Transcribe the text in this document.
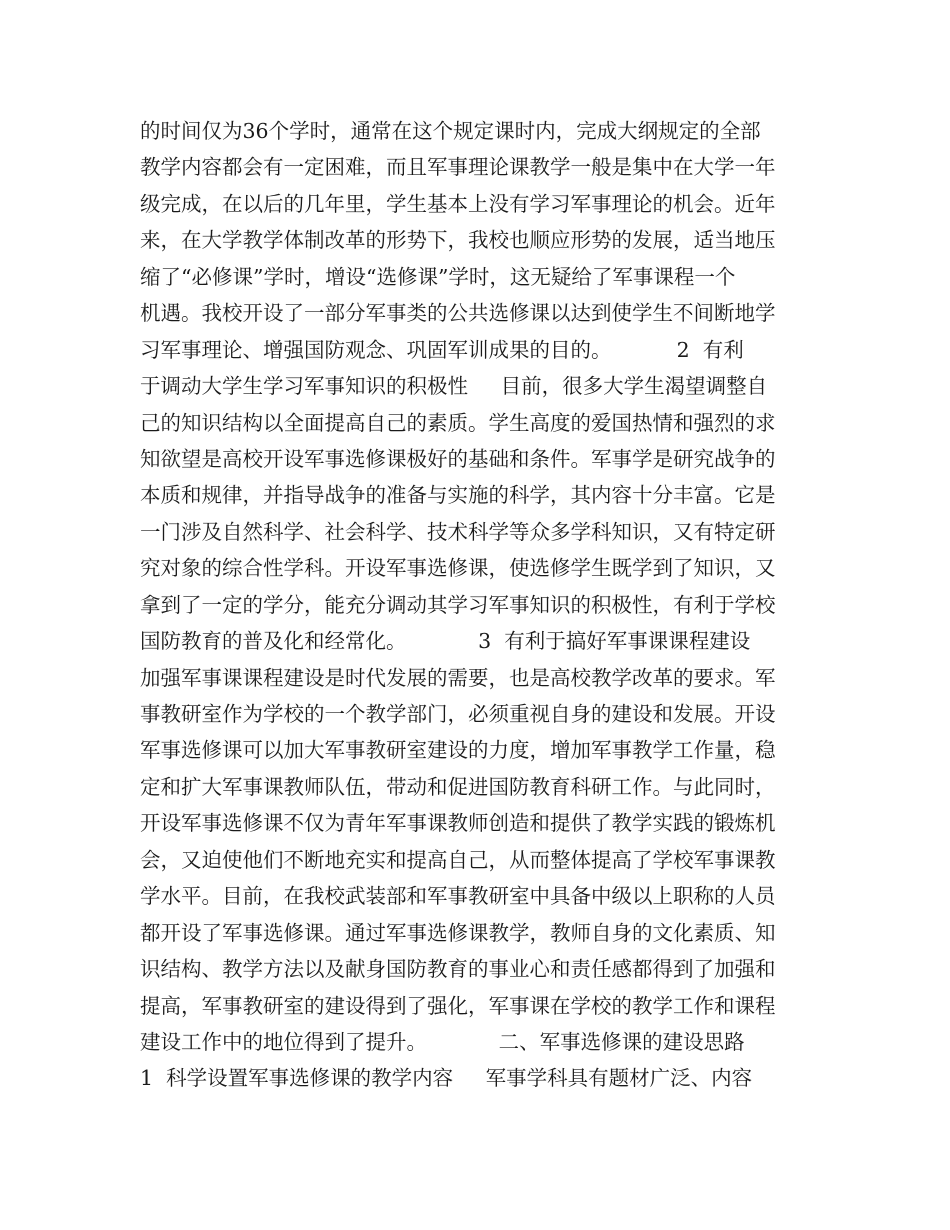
的时间仅为36个学时，通常在这个规定课时内，完成大纲规定的全部
教学内容都会有一定困难，而且军事理论课教学一般是集中在大学一年
级完成，在以后的几年里，学生基本上没有学习军事理论的机会。近年
来，在大学教学体制改革的形势下，我校也顺应形势的发展，适当地压
缩了“必修课”学时，增设“选修课”学时，这无疑给了军事课程一个
机遇。我校开设了一部分军事类的公共选修课以达到使学生不间断地学
习军事理论、增强国防观念、巩固军训成果的目的。          2  有利
于调动大学生学习军事知识的积极性     目前，很多大学生渴望调整自
己的知识结构以全面提高自己的素质。学生高度的爱国热情和强烈的求
知欲望是高校开设军事选修课极好的基础和条件。军事学是研究战争的
本质和规律，并指导战争的准备与实施的科学，其内容十分丰富。它是
一门涉及自然科学、社会科学、技术科学等众多学科知识，又有特定研
究对象的综合性学科。开设军事选修课，使选修学生既学到了知识，又
拿到了一定的学分，能充分调动其学习军事知识的积极性，有利于学校
国防教育的普及化和经常化。           3  有利于搞好军事课课程建设
加强军事课课程建设是时代发展的需要，也是高校教学改革的要求。军
事教研室作为学校的一个教学部门，必须重视自身的建设和发展。开设
军事选修课可以加大军事教研室建设的力度，增加军事教学工作量，稳
定和扩大军事课教师队伍，带动和促进国防教育科研工作。与此同时，
开设军事选修课不仅为青年军事课教师创造和提供了教学实践的锻炼机
会，又迫使他们不断地充实和提高自己，从而整体提高了学校军事课教
学水平。目前，在我校武装部和军事教研室中具备中级以上职称的人员
都开设了军事选修课。通过军事选修课教学，教师自身的文化素质、知
识结构、教学方法以及献身国防教育的事业心和责任感都得到了加强和
提高，军事教研室的建设得到了强化，军事课在学校的教学工作和课程
建设工作中的地位得到了提升。           二、军事选修课的建设思路
1  科学设置军事选修课的教学内容     军事学科具有题材广泛、内容
